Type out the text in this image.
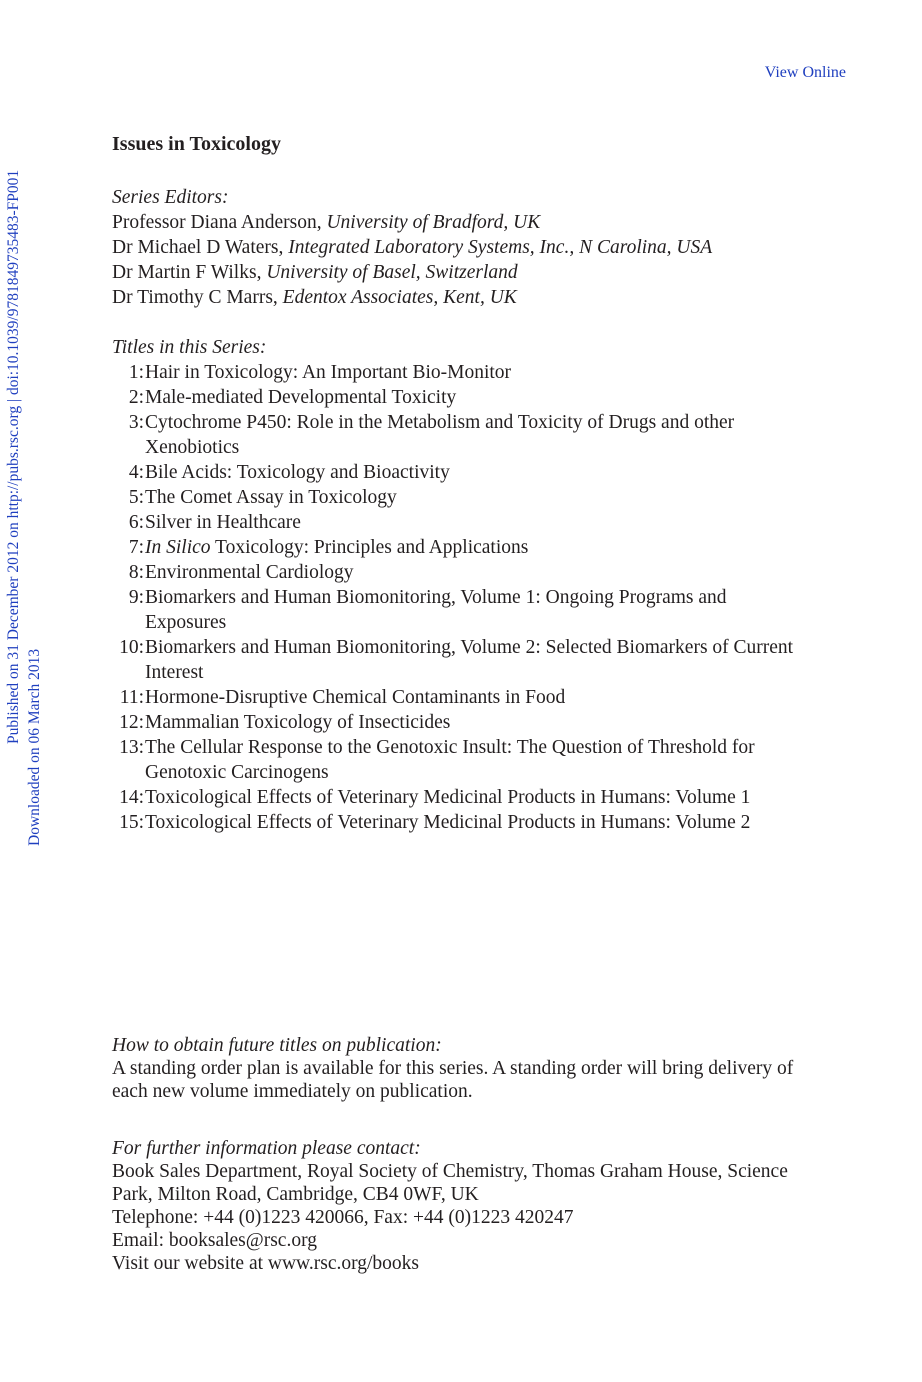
View Online
Published on 31 December 2012 on http://pubs.rsc.org | doi:10.1039/9781849735483-FP001
Downloaded on 06 March 2013
Issues in Toxicology

Series Editors:

Professor Diana Anderson, University of Bradford, UK
Dr Michael D Waters, Integrated Laboratory Systems, Inc., N Carolina, USA
Dr Martin F Wilks, University of Basel, Switzerland
Dr Timothy C Marrs, Edentox Associates, Kent, UK

Titles in this Series:

1: Hair in Toxicology: An Important Bio-Monitor
2: Male-mediated Developmental Toxicity
3: Cytochrome P450: Role in the Metabolism and Toxicity of Drugs and other Xenobiotics
4: Bile Acids: Toxicology and Bioactivity
5: The Comet Assay in Toxicology
6: Silver in Healthcare
7: In Silico Toxicology: Principles and Applications
8: Environmental Cardiology
9: Biomarkers and Human Biomonitoring, Volume 1: Ongoing Programs and Exposures
10: Biomarkers and Human Biomonitoring, Volume 2: Selected Biomarkers of Current Interest
11: Hormone-Disruptive Chemical Contaminants in Food
12: Mammalian Toxicology of Insecticides
13: The Cellular Response to the Genotoxic Insult: The Question of Threshold for Genotoxic Carcinogens
14: Toxicological Effects of Veterinary Medicinal Products in Humans: Volume 1
15: Toxicological Effects of Veterinary Medicinal Products in Humans: Volume 2

How to obtain future titles on publication:

A standing order plan is available for this series. A standing order will bring delivery of each new volume immediately on publication.

For further information please contact:

Book Sales Department, Royal Society of Chemistry, Thomas Graham House, Science Park, Milton Road, Cambridge, CB4 0WF, UK

Telephone: +44 (0)1223 420066, Fax: +44 (0)1223 420247

Email: booksales@rsc.org

Visit our website at www.rsc.org/books
